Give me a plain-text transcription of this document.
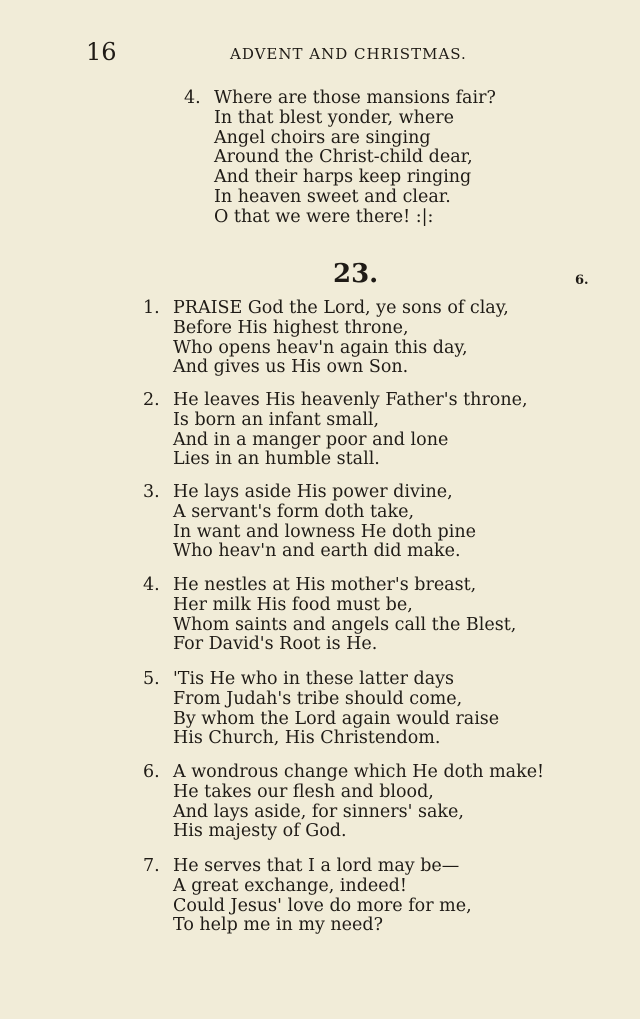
16	ADVENT AND CHRISTMAS.
4. Where are those mansions fair?
In that blest yonder, where
Angel choirs are singing
Around the Christ-child dear,
And their harps keep ringing
In heaven sweet and clear.
O that we were there! :|:
23.	6.
1. PRAISE God the Lord, ye sons of clay,
Before His highest throne,
Who opens heav'n again this day,
And gives us His own Son.
2. He leaves His heavenly Father's throne,
Is born an infant small,
And in a manger poor and lone
Lies in an humble stall.
3. He lays aside His power divine,
A servant's form doth take,
In want and lowness He doth pine
Who heav'n and earth did make.
4. He nestles at His mother's breast,
Her milk His food must be,
Whom saints and angels call the Blest,
For David's Root is He.
5. 'Tis He who in these latter days
From Judah's tribe should come,
By whom the Lord again would raise
His Church, His Christendom.
6. A wondrous change which He doth make!
He takes our flesh and blood,
And lays aside, for sinners' sake,
His majesty of God.
7. He serves that I a lord may be—
A great exchange, indeed!
Could Jesus' love do more for me,
To help me in my need?
